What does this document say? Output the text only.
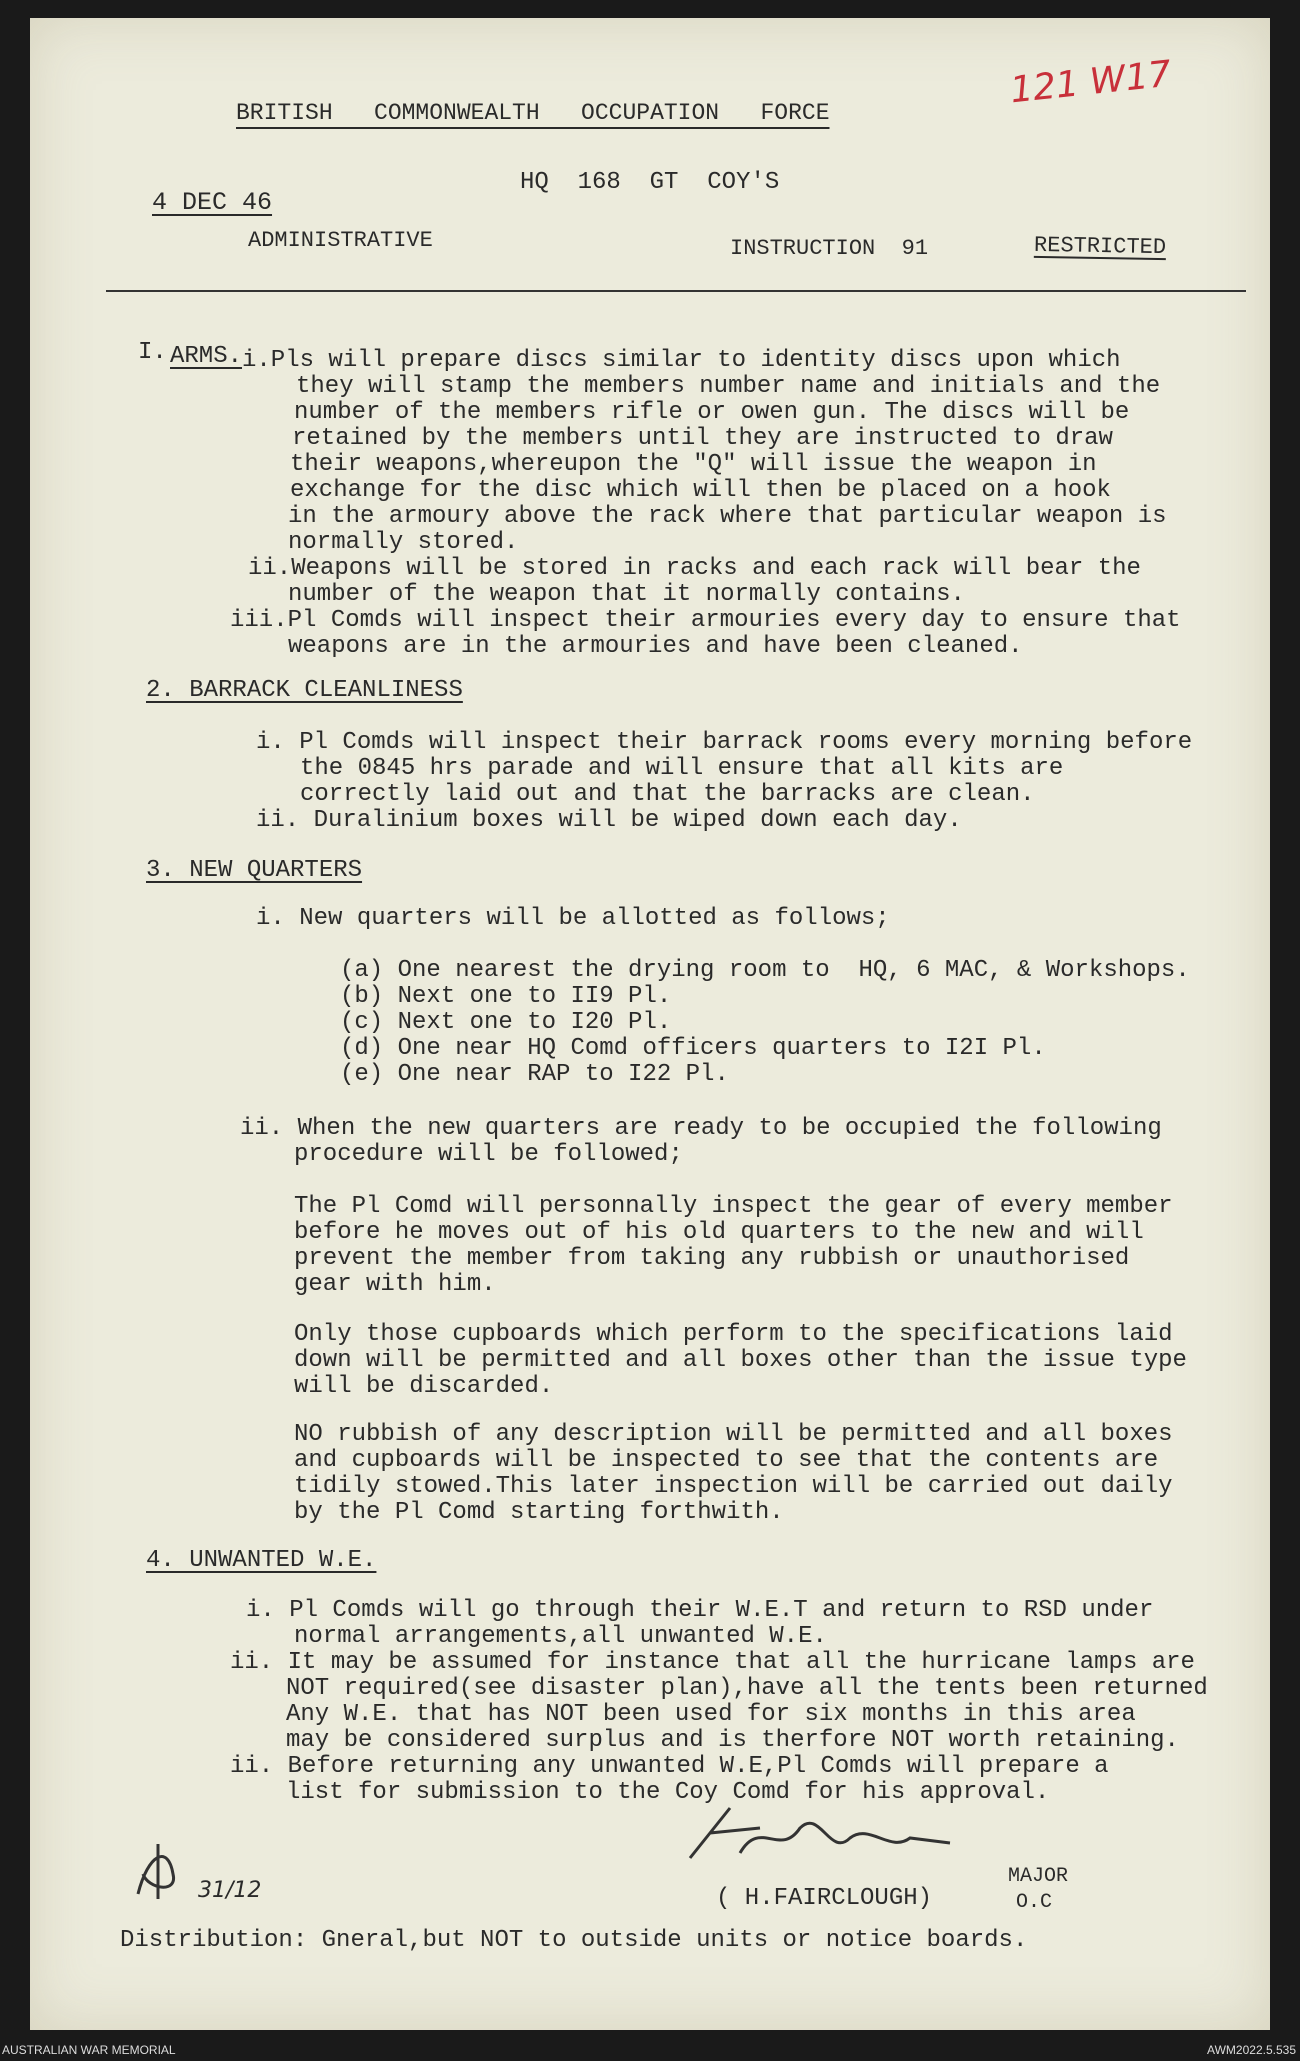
121 W17
BRITISH   COMMONWEALTH   OCCUPATION   FORCE
HQ  168  GT  COY'S
4 DEC 46
RESTRICTED
ADMINISTRATIVE	INSTRUCTION  91
I. ARMS. i.Pls will prepare discs similar to identity discs upon which
they will stamp the members number name and initials and the
number of the members rifle or owen gun. The discs will be
retained by the members until they are instructed to draw
their weapons,whereupon the "Q" will issue the weapon in
exchange for the disc which will then be placed on a hook
in the armoury above the rack where that particular weapon is
normally stored.
ii.Weapons will be stored in racks and each rack will bear the
number of the weapon that it normally contains.
iii.Pl Comds will inspect their armouries every day to ensure that
weapons are in the armouries and have been cleaned.
2. BARRACK CLEANLINESS
i. Pl Comds will inspect their barrack rooms every morning before
the 0845 hrs parade and will ensure that all kits are
correctly laid out and that the barracks are clean.
ii. Duralinium boxes will be wiped down each day.
3. NEW QUARTERS
i. New quarters will be allotted as follows;
(a) One nearest the drying room to  HQ, 6 MAC, & Workshops.
(b) Next one to II9 Pl.
(c) Next one to I20 Pl.
(d) One near HQ Comd officers quarters to I2I Pl.
(e) One near RAP to I22 Pl.
ii. When the new quarters are ready to be occupied the following
procedure will be followed;
The Pl Comd will personnally inspect the gear of every member
before he moves out of his old quarters to the new and will
prevent the member from taking any rubbish or unauthorised
gear with him.
Only those cupboards which perform to the specifications laid
down will be permitted and all boxes other than the issue type
will be discarded.
NO rubbish of any description will be permitted and all boxes
and cupboards will be inspected to see that the contents are
tidily stowed.This later inspection will be carried out daily
by the Pl Comd starting forthwith.
4. UNWANTED W.E.
i. Pl Comds will go through their W.E.T and return to RSD under
normal arrangements,all unwanted W.E.
ii. It may be assumed for instance that all the hurricane lamps are
NOT required(see disaster plan),have all the tents been returned
Any W.E. that has NOT been used for six months in this area
may be considered surplus and is therfore NOT worth retaining.
ii. Before returning any unwanted W.E,Pl Comds will prepare a
list for submission to the Coy Comd for his approval.
31/12	( H.FAIRCLOUGH)
MAJOR
O.C
Distribution: Gneral,but NOT to outside units or notice boards.
AUSTRALIAN WAR MEMORIAL	AWM2022.5.535
